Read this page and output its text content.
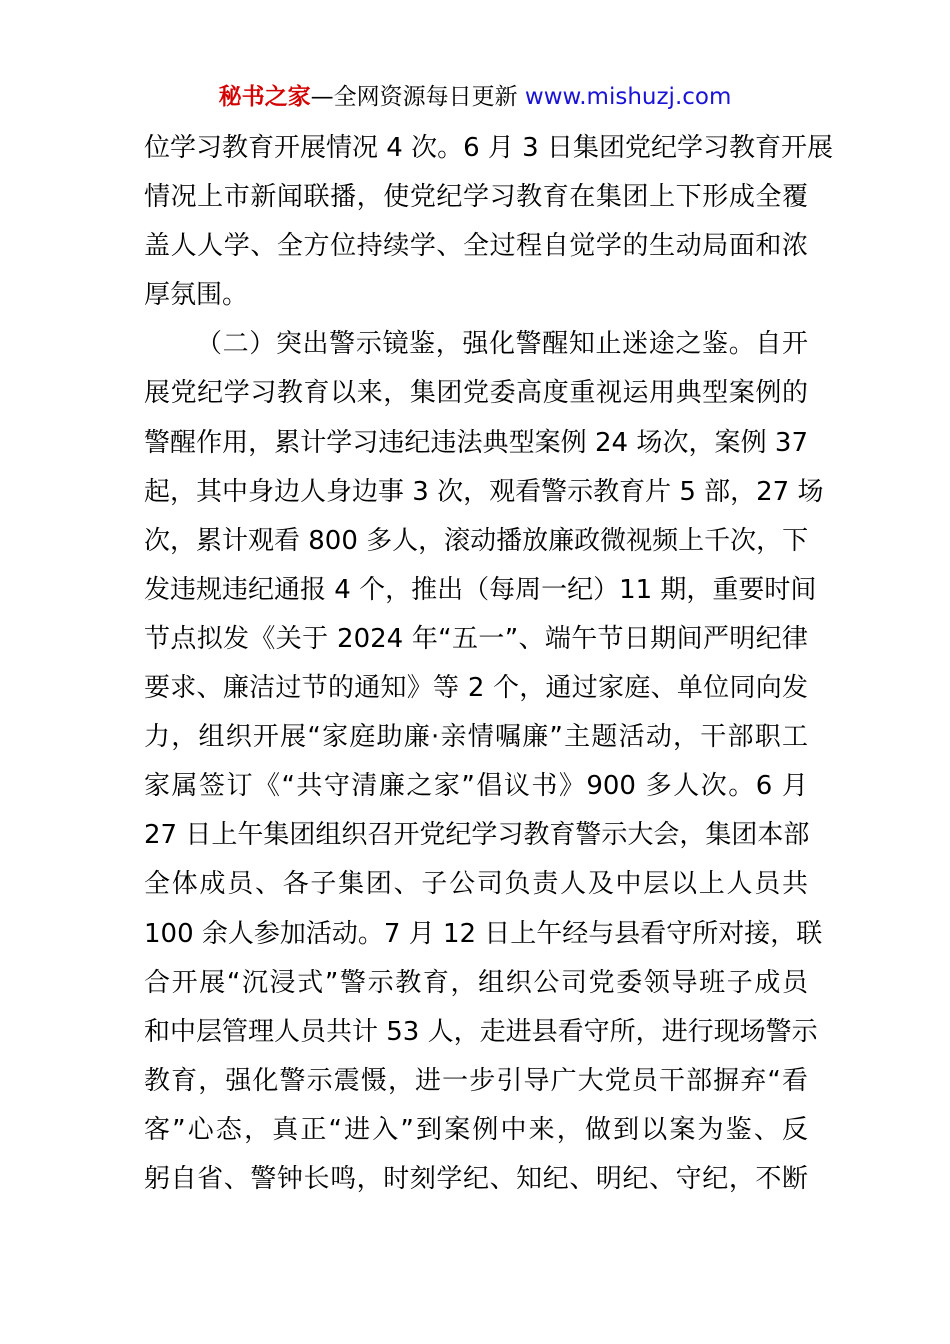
秘书之家—全网资源每日更新 www.mishuzj.com
位学习教育开展情况 4 次。6 月 3 日集团党纪学习教育开展
情况上市新闻联播，使党纪学习教育在集团上下形成全覆
盖人人学、全方位持续学、全过程自觉学的生动局面和浓
厚氛围。
（二）突出警示镜鉴，强化警醒知止迷途之鉴。自开
展党纪学习教育以来，集团党委高度重视运用典型案例的
警醒作用，累计学习违纪违法典型案例 24 场次，案例 37
起，其中身边人身边事 3 次，观看警示教育片 5 部，27 场
次，累计观看 800 多人，滚动播放廉政微视频上千次，下
发违规违纪通报 4 个，推出（每周一纪）11 期，重要时间
节点拟发《关于 2024 年“五一”、端午节日期间严明纪律
要求、廉洁过节的通知》等 2 个，通过家庭、单位同向发
力，组织开展“家庭助廉·亲情嘱廉”主题活动，干部职工
家属签订《“共守清廉之家”倡议书》900 多人次。6 月
27 日上午集团组织召开党纪学习教育警示大会，集团本部
全体成员、各子集团、子公司负责人及中层以上人员共
100 余人参加活动。7 月 12 日上午经与县看守所对接，联
合开展“沉浸式”警示教育，组织公司党委领导班子成员
和中层管理人员共计 53 人，走进县看守所，进行现场警示
教育，强化警示震慑，进一步引导广大党员干部摒弃“看
客”心态，真正“进入”到案例中来，做到以案为鉴、反
躬自省、警钟长鸣，时刻学纪、知纪、明纪、守纪，不断
